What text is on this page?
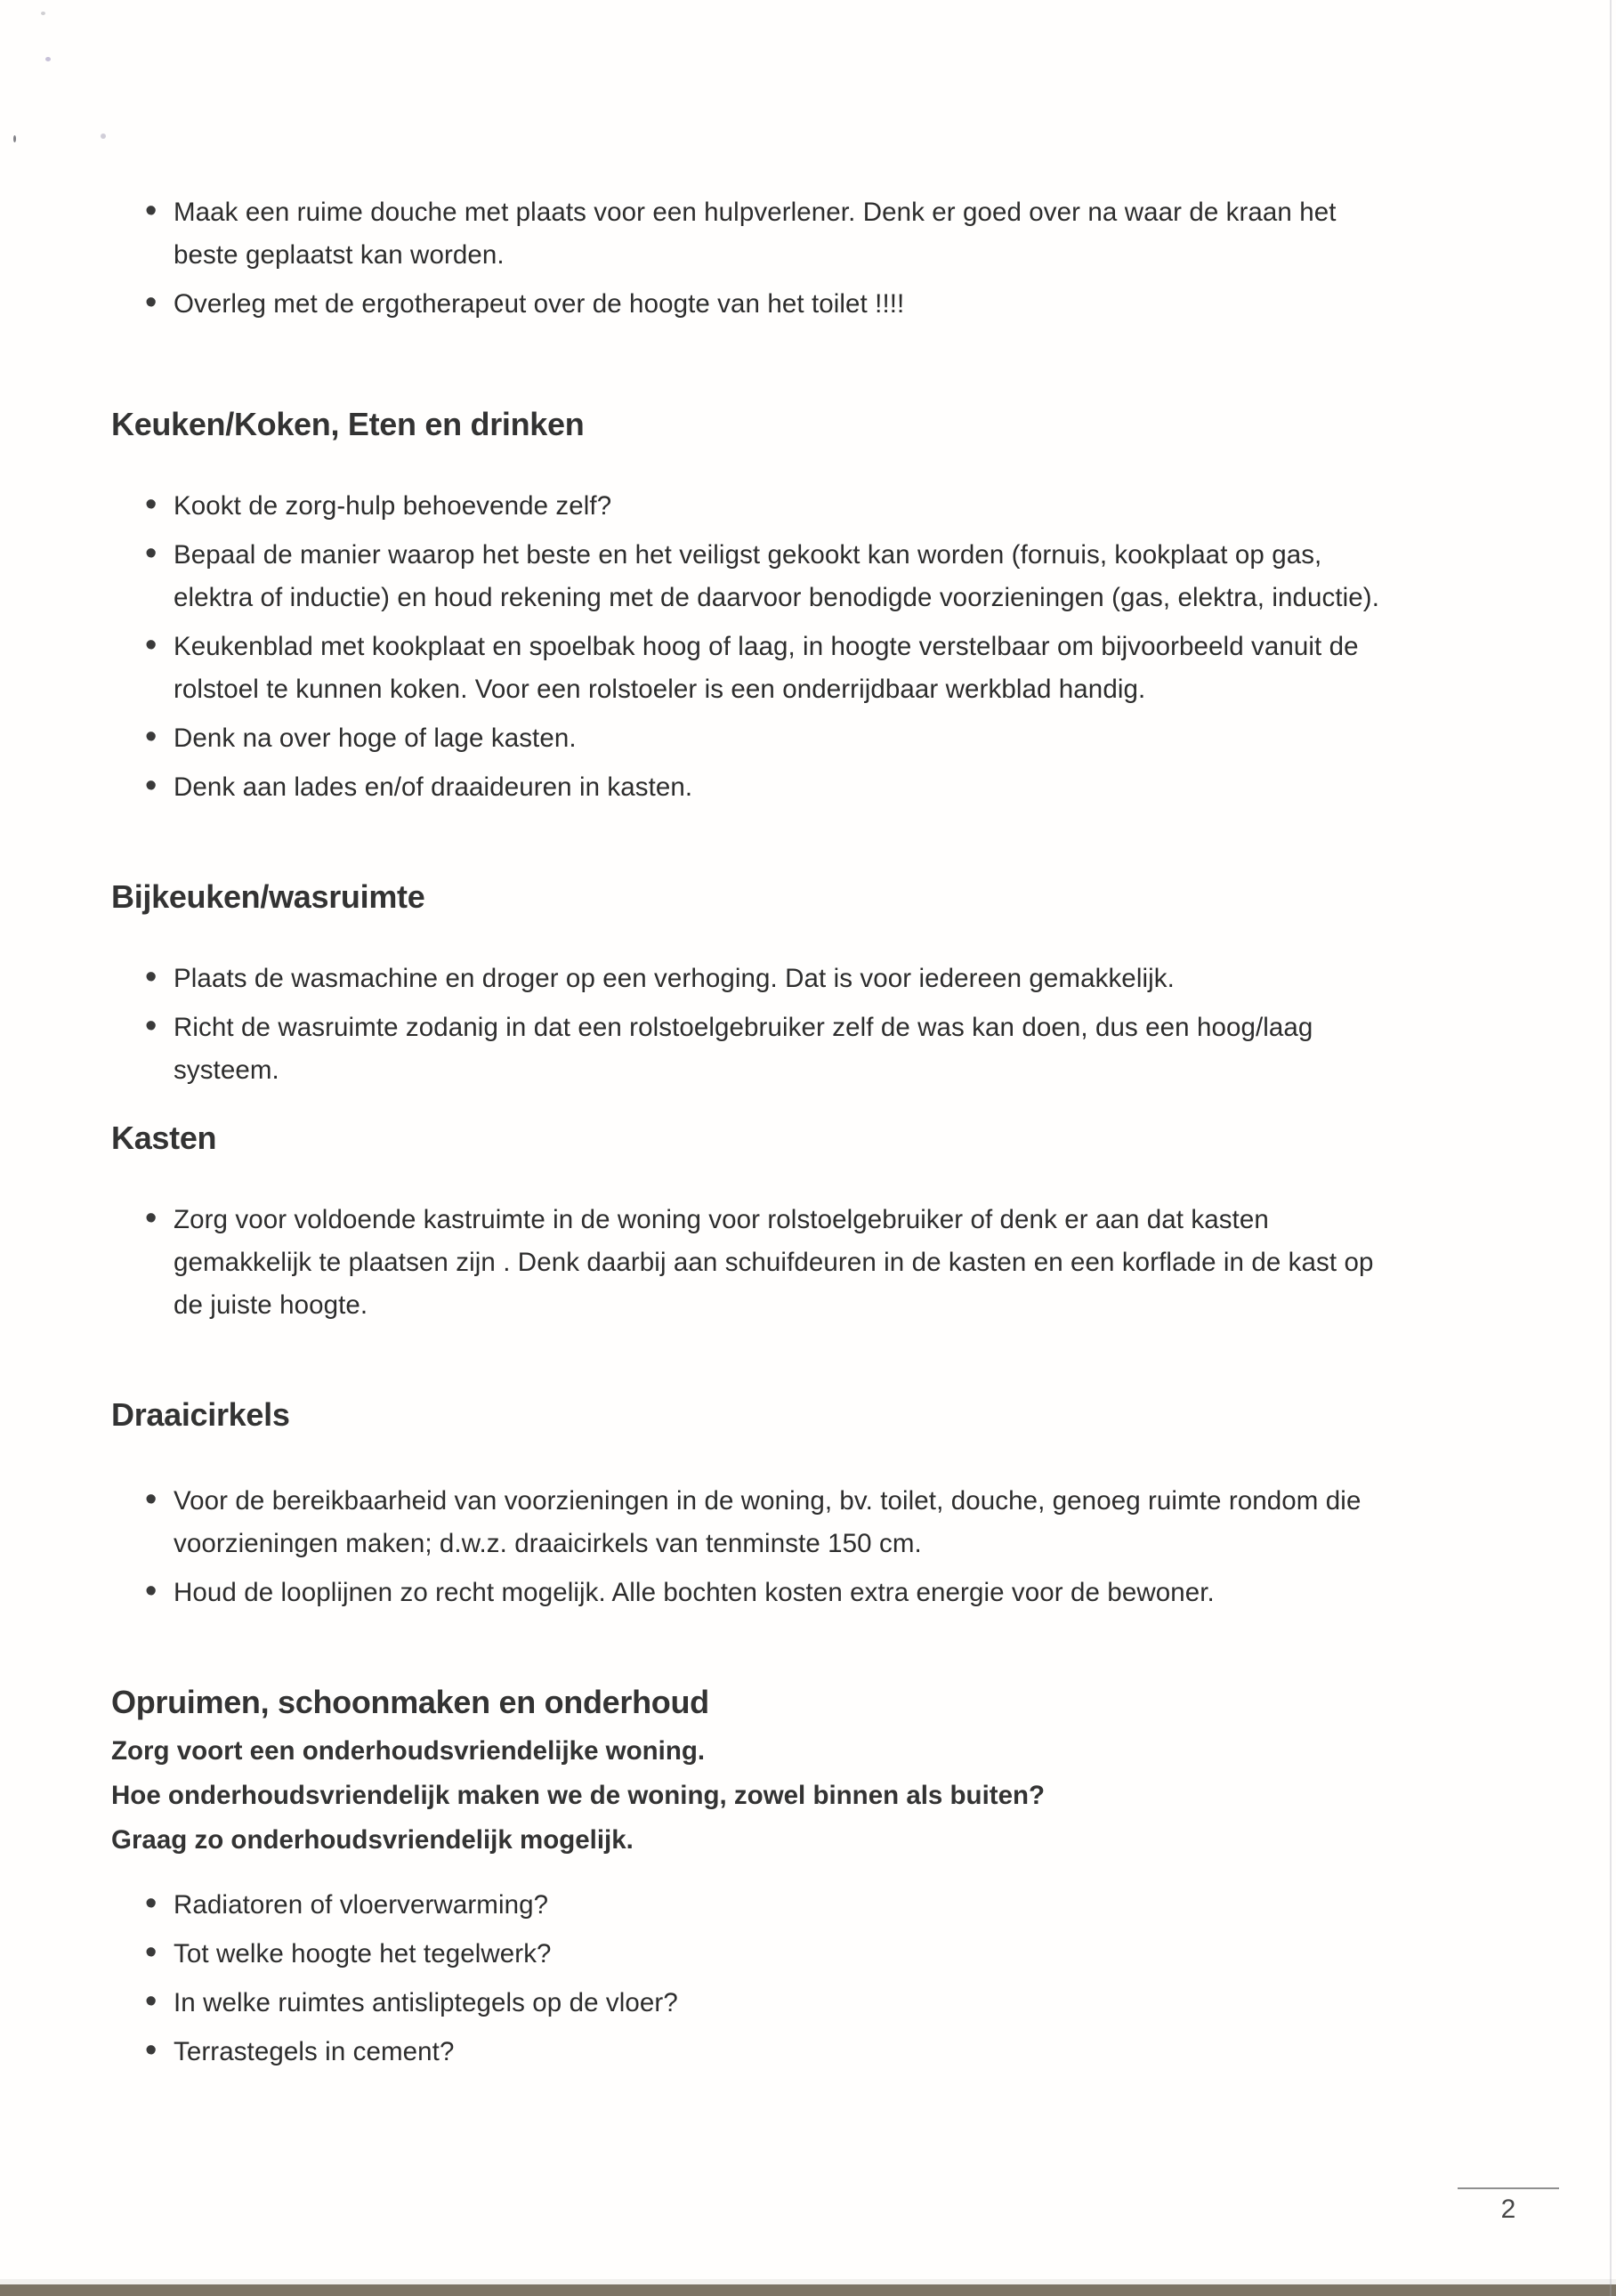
• Maak een ruime douche met plaats voor een hulpverlener. Denk er goed over na waar de kraan het beste geplaatst kan worden.
• Overleg met de ergotherapeut over de hoogte van het toilet !!!!
Keuken/Koken, Eten en drinken
• Kookt de zorg-hulp behoevende zelf?
• Bepaal de manier waarop het beste en het veiligst gekookt kan worden (fornuis, kookplaat op gas, elektra of inductie) en houd rekening met de daarvoor benodigde voorzieningen (gas, elektra, inductie).
• Keukenblad met kookplaat en spoelbak hoog of laag, in hoogte verstelbaar om bijvoorbeeld vanuit de rolstoel te kunnen koken. Voor een rolstoeler is een onderrijdbaar werkblad handig.
• Denk na over hoge of lage kasten.
• Denk aan lades en/of draaideuren in kasten.
Bijkeuken/wasruimte
• Plaats de wasmachine en droger op een verhoging. Dat is voor iedereen gemakkelijk.
• Richt de wasruimte zodanig in dat een rolstoelgebruiker zelf de was kan doen, dus een hoog/laag systeem.
Kasten
• Zorg voor voldoende kastruimte in de woning voor rolstoelgebruiker of denk er aan dat kasten gemakkelijk te plaatsen zijn . Denk daarbij aan schuifdeuren in de kasten en een korflade in de kast op de juiste hoogte.
Draaicirkels
• Voor de bereikbaarheid van voorzieningen in de woning, bv. toilet, douche, genoeg ruimte rondom die voorzieningen maken; d.w.z. draaicirkels van tenminste 150 cm.
• Houd de looplijnen zo recht mogelijk. Alle bochten kosten extra energie voor de bewoner.
Opruimen, schoonmaken en onderhoud

Zorg voort een onderhoudsvriendelijke woning.

Hoe onderhoudsvriendelijk maken we de woning, zowel binnen als buiten?

Graag zo onderhoudsvriendelijk mogelijk.

• Radiatoren of vloerverwarming?
• Tot welke hoogte het tegelwerk?
• In welke ruimtes antisliptegels op de vloer?
• Terrastegels in cement?
2
